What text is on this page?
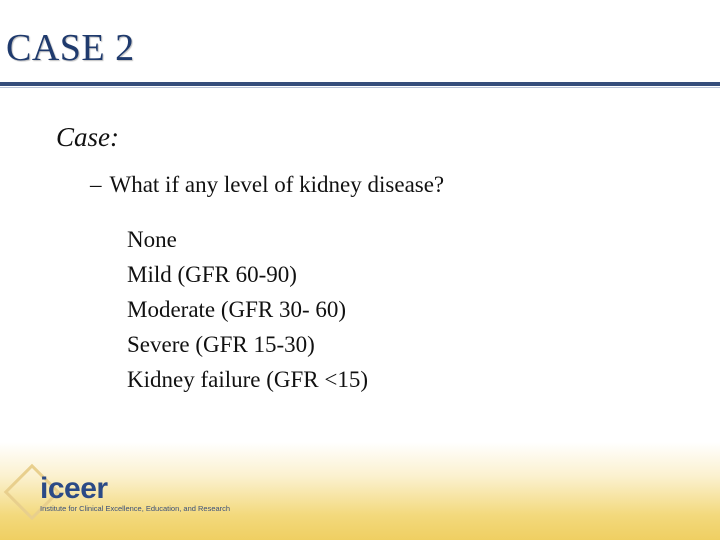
CASE 2
Case:
– What if any level of kidney disease?
None
Mild (GFR 60-90)
Moderate (GFR 30- 60)
Severe (GFR 15-30)
Kidney failure (GFR <15)
iceer
Institute for Clinical Excellence, Education, and Research
